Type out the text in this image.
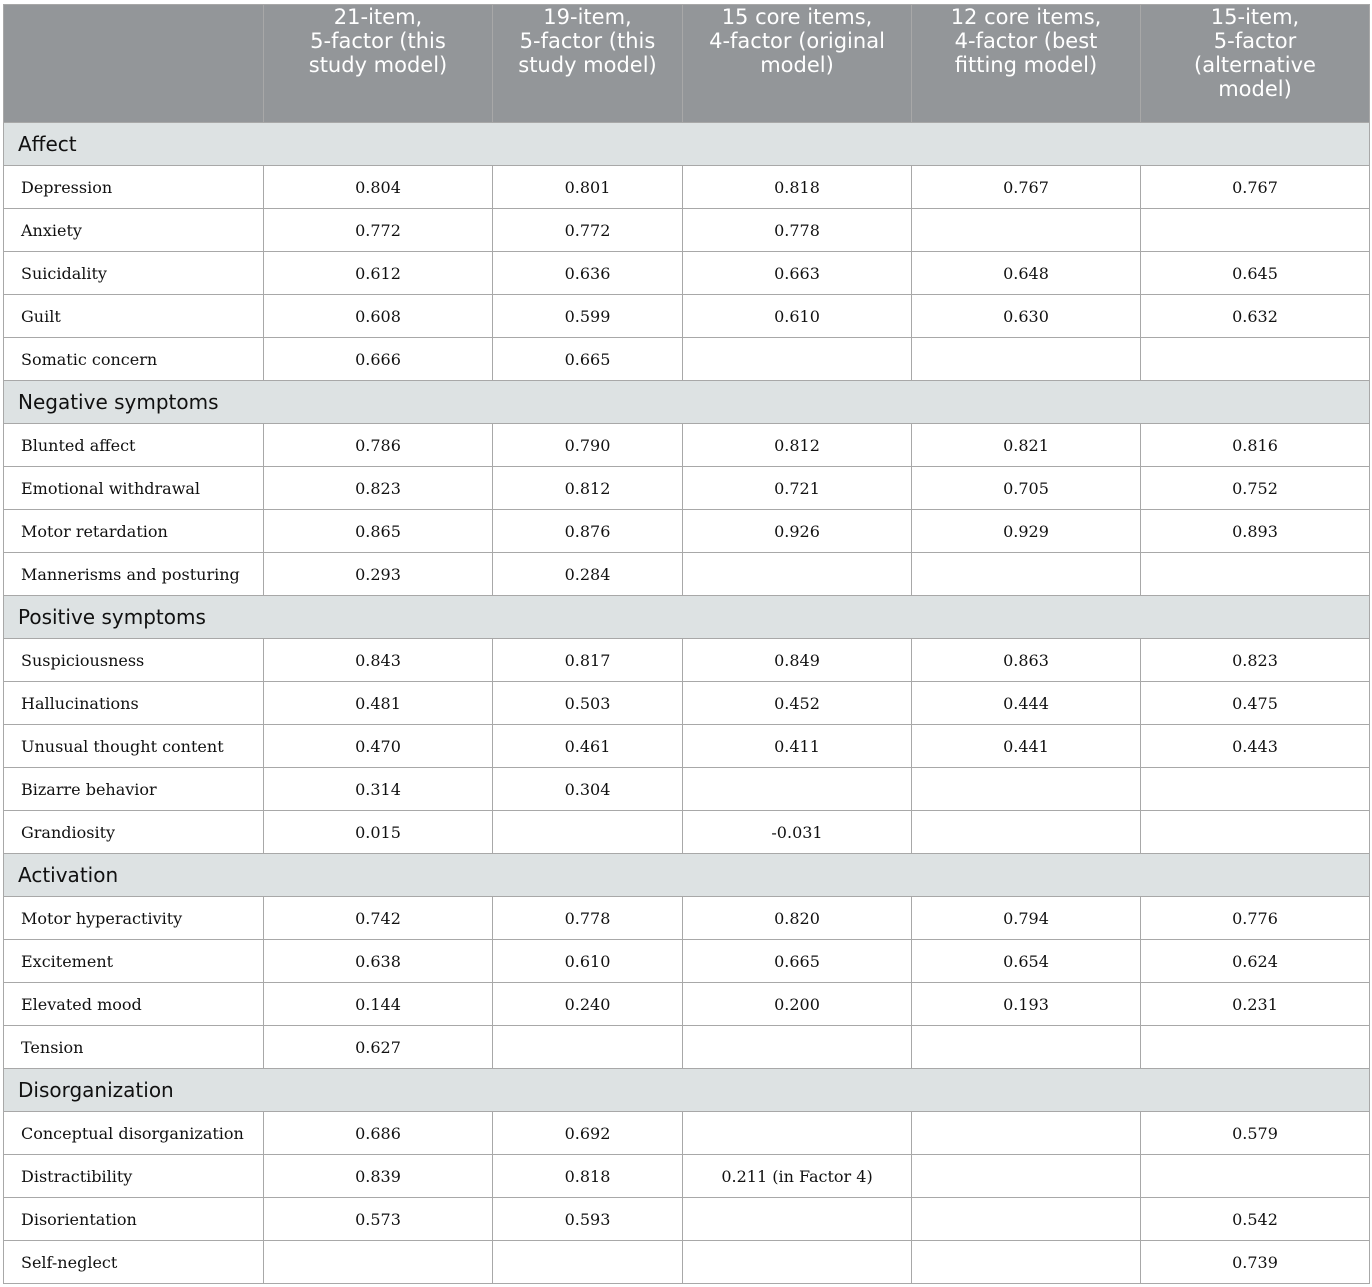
	21-item,
5-factor (this
study model)	19-item,
5-factor (this
study model)	15 core items,
4-factor (original
model)	12 core items,
4-factor (best
fitting model)	15-item,
5-factor
(alternative
model)
Affect					
Depression	0.804	0.801	0.818	0.767	0.767
Anxiety	0.772	0.772	0.778		
Suicidality	0.612	0.636	0.663	0.648	0.645
Guilt	0.608	0.599	0.610	0.630	0.632
Somatic concern	0.666	0.665			
Negative symptoms					
Blunted affect	0.786	0.790	0.812	0.821	0.816
Emotional withdrawal	0.823	0.812	0.721	0.705	0.752
Motor retardation	0.865	0.876	0.926	0.929	0.893
Mannerisms and posturing	0.293	0.284			
Positive symptoms					
Suspiciousness	0.843	0.817	0.849	0.863	0.823
Hallucinations	0.481	0.503	0.452	0.444	0.475
Unusual thought content	0.470	0.461	0.411	0.441	0.443
Bizarre behavior	0.314	0.304			
Grandiosity	0.015		-0.031		
Activation					
Motor hyperactivity	0.742	0.778	0.820	0.794	0.776
Excitement	0.638	0.610	0.665	0.654	0.624
Elevated mood	0.144	0.240	0.200	0.193	0.231
Tension	0.627				
Disorganization					
Conceptual disorganization	0.686	0.692			0.579
Distractibility	0.839	0.818	0.211 (in Factor 4)		
Disorientation	0.573	0.593			0.542
Self-neglect					0.739
